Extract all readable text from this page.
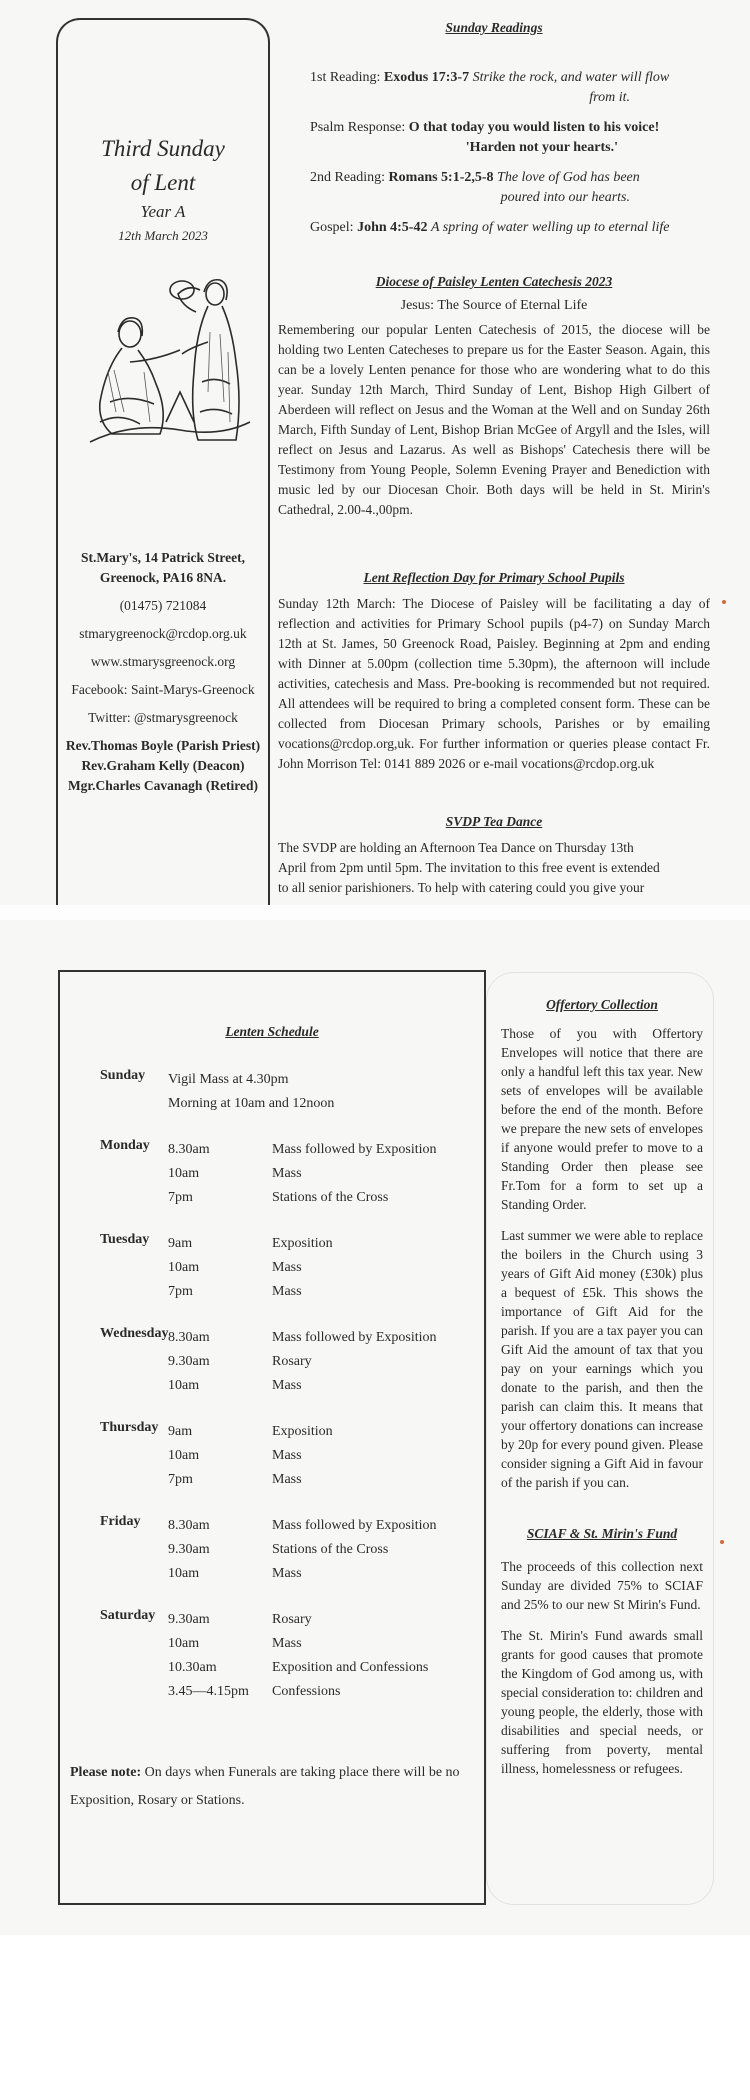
Third Sunday
of Lent
Year A
12th March 2023
St.Mary's, 14 Patrick Street,
Greenock, PA16 8NA.
(01475) 721084
stmarygreenock@rcdop.org.uk
www.stmarysgreenock.org
Facebook: Saint-Marys-Greenock
Twitter: @stmarysgreenock
Rev.Thomas Boyle (Parish Priest)
Rev.Graham Kelly (Deacon)
Mgr.Charles Cavanagh (Retired)
Sunday Readings
1st Reading: Exodus 17:3-7 Strike the rock, and water will flow
from it.
Psalm Response: O that today you would listen to his voice!
'Harden not your hearts.'
2nd Reading: Romans 5:1-2,5-8 The love of God has been
poured into our hearts.
Gospel: John 4:5-42 A spring of water welling up to eternal life
Diocese of Paisley Lenten Catechesis 2023
Jesus: The Source of Eternal Life
Remembering our popular Lenten Catechesis of 2015, the diocese will be holding two Lenten Catecheses to prepare us for the Easter Season. Again, this can be a lovely Lenten penance for those who are wondering what to do this year. Sunday 12th March, Third Sunday of Lent, Bishop High Gilbert of Aberdeen will reflect on Jesus and the Woman at the Well and on Sunday 26th March, Fifth Sunday of Lent, Bishop Brian McGee of Argyll and the Isles, will reflect on Jesus and Lazarus. As well as Bishops' Catechesis there will be Testimony from Young People, Solemn Evening Prayer and Benediction with music led by our Diocesan Choir. Both days will be held in St. Mirin's Cathedral, 2.00-4.,00pm.
Lent Reflection Day for Primary School Pupils
Sunday 12th March: The Diocese of Paisley will be facilitating a day of reflection and activities for Primary School pupils (p4-7) on Sunday March 12th at St. James, 50 Greenock Road, Paisley. Beginning at 2pm and ending with Dinner at 5.00pm (collection time 5.30pm), the afternoon will include activities, catechesis and Mass. Pre-booking is recommended but not required. All attendees will be required to bring a completed consent form. These can be collected from Diocesan Primary schools, Parishes or by emailing vocations@rcdop.org,uk. For further information or queries please contact Fr. John Morrison Tel: 0141 889 2026 or e-mail vocations@rcdop.org.uk
SVDP Tea Dance
The SVDP are holding an Afternoon Tea Dance on Thursday 13th
April from 2pm until 5pm. The invitation to this free event is extended
to all senior parishioners. To help with catering could you give your
Lenten Schedule
Sunday Vigil Mass at 4.30pm
Morning at 10am and 12noon
Monday 8.30am	Mass followed by Exposition
10am	Mass
7pm	Stations of the Cross
Tuesday 9am	Exposition
10am	Mass
7pm	Mass
Wednesday 8.30am	Mass followed by Exposition
9.30am	Rosary
10am	Mass
Thursday 9am	Exposition
10am	Mass
7pm	Mass
Friday 8.30am	Mass followed by Exposition
9.30am	Stations of the Cross
10am	Mass
Saturday 9.30am	Rosary
10am	Mass
10.30am	Exposition and Confessions
3.45—4.15pm	Confessions
Please note: On days when Funerals are taking place there will be no Exposition, Rosary or Stations.
Offertory Collection

Those of you with Offertory Envelopes will notice that there are only a handful left this tax year. New sets of envelopes will be available before the end of the month. Before we prepare the new sets of envelopes if anyone would prefer to move to a Standing Order then please see Fr.Tom for a form to set up a Standing Order.

Last summer we were able to replace the boilers in the Church using 3 years of Gift Aid money (£30k) plus a bequest of £5k. This shows the importance of Gift Aid for the parish. If you are a tax payer you can Gift Aid the amount of tax that you pay on your earnings which you donate to the parish, and then the parish can claim this. It means that your offertory donations can increase by 20p for every pound given. Please consider signing a Gift Aid in favour of the parish if you can.

SCIAF & St. Mirin's Fund

The proceeds of this collection next Sunday are divided 75% to SCIAF and 25% to our new St Mirin's Fund.

The St. Mirin's Fund awards small grants for good causes that promote the Kingdom of God among us, with special consideration to: children and young people, the elderly, those with disabilities and special needs, or suffering from poverty, mental illness, homelessness or refugees.
